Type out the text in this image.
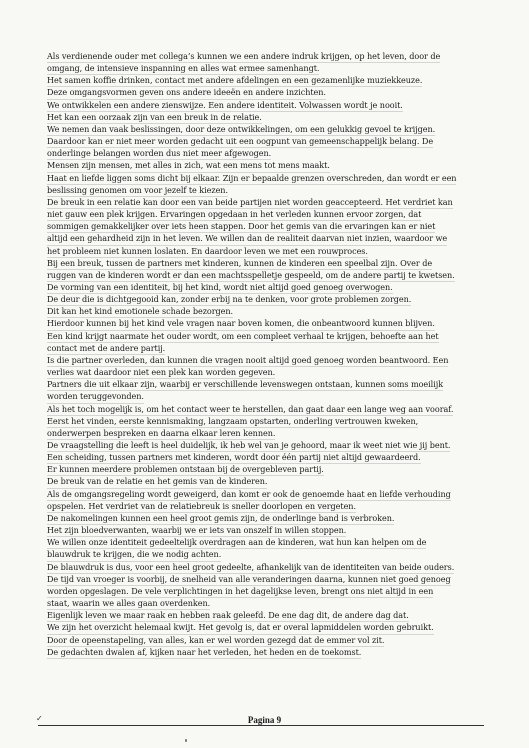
Als verdienende ouder met collega’s kunnen we een andere indruk krijgen, op het leven, door de
omgang, de intensieve inspanning en alles wat ermee samenhangt.
Het samen koffie drinken, contact met andere afdelingen en een gezamenlijke muziekkeuze.
Deze omgangsvormen geven ons andere ideeën en andere inzichten.
We ontwikkelen een andere zienswijze. Een andere identiteit. Volwassen wordt je nooit.
Het kan een oorzaak zijn van een breuk in de relatie.
We nemen dan vaak beslissingen, door deze ontwikkelingen, om een gelukkig gevoel te krijgen.
Daardoor kan er niet meer worden gedacht uit een oogpunt van gemeenschappelijk belang. De
onderlinge belangen worden dus niet meer afgewogen.
Mensen zijn mensen, met alles in zich, wat een mens tot mens maakt.
Haat en liefde liggen soms dicht bij elkaar. Zijn er bepaalde grenzen overschreden, dan wordt er een
beslissing genomen om voor jezelf te kiezen.
De breuk in een relatie kan door een van beide partijen niet worden geaccepteerd. Het verdriet kan
niet gauw een plek krijgen. Ervaringen opgedaan in het verleden kunnen ervoor zorgen, dat
sommigen gemakkelijker over iets heen stappen. Door het gemis van die ervaringen kan er niet
altijd een gehardheid zijn in het leven. We willen dan de realiteit daarvan niet inzien, waardoor we
het probleem niet kunnen loslaten. En daardoor leven we met een rouwproces.
Bij een breuk, tussen de partners met kinderen, kunnen de kinderen een speelbal zijn. Over de
ruggen van de kinderen wordt er dan een machtsspelletje gespeeld, om de andere partij te kwetsen.
De vorming van een identiteit, bij het kind, wordt niet altijd goed genoeg overwogen.
De deur die is dichtgegooid kan, zonder erbij na te denken, voor grote problemen zorgen.
Dit kan het kind emotionele schade bezorgen.
Hierdoor kunnen bij het kind vele vragen naar boven komen, die onbeantwoord kunnen blijven.
Een kind krijgt naarmate het ouder wordt, om een compleet verhaal te krijgen, behoefte aan het
contact met de andere partij.
Is die partner overleden, dan kunnen die vragen nooit altijd goed genoeg worden beantwoord. Een
verlies wat daardoor niet een plek kan worden gegeven.
Partners die uit elkaar zijn, waarbij er verschillende levenswegen ontstaan, kunnen soms moeilijk
worden teruggevonden.
Als het toch mogelijk is, om het contact weer te herstellen, dan gaat daar een lange weg aan vooraf.
Eerst het vinden, eerste kennismaking, langzaam opstarten, onderling vertrouwen kweken,
onderwerpen bespreken en daarna elkaar leren kennen.
De vraagstelling die leeft is heel duidelijk, ik heb wel van je gehoord, maar ik weet niet wie jij bent.
Een scheiding, tussen partners met kinderen, wordt door één partij niet altijd gewaardeerd.
Er kunnen meerdere problemen ontstaan bij de overgebleven partij.
De breuk van de relatie en het gemis van de kinderen.
Als de omgangsregeling wordt geweigerd, dan komt er ook de genoemde haat en liefde verhouding
opspelen. Het verdriet van de relatiebreuk is sneller doorlopen en vergeten.
De nakomelingen kunnen een heel groot gemis zijn, de onderlinge band is verbroken.
Het zijn bloedverwanten, waarbij we er iets van onszelf in willen stoppen.
We willen onze identiteit gedeeltelijk overdragen aan de kinderen, wat hun kan helpen om de
blauwdruk te krijgen, die we nodig achten.
De blauwdruk is dus, voor een heel groot gedeelte, afhankelijk van de identiteiten van beide ouders.
De tijd van vroeger is voorbij, de snelheid van alle veranderingen daarna, kunnen niet goed genoeg
worden opgeslagen. De vele verplichtingen in het dagelijkse leven, brengt ons niet altijd in een
staat, waarin we alles gaan overdenken.
Eigenlijk leven we maar raak en hebben raak geleefd. De ene dag dit, de andere dag dat.
We zijn het overzicht helemaal kwijt. Het gevolg is, dat er overal lapmiddelen worden gebruikt.
Door de opeenstapeling, van alles, kan er wel worden gezegd dat de emmer vol zit.
De gedachten dwalen af, kijken naar het verleden, het heden en de toekomst.
✓	Pagina 9
